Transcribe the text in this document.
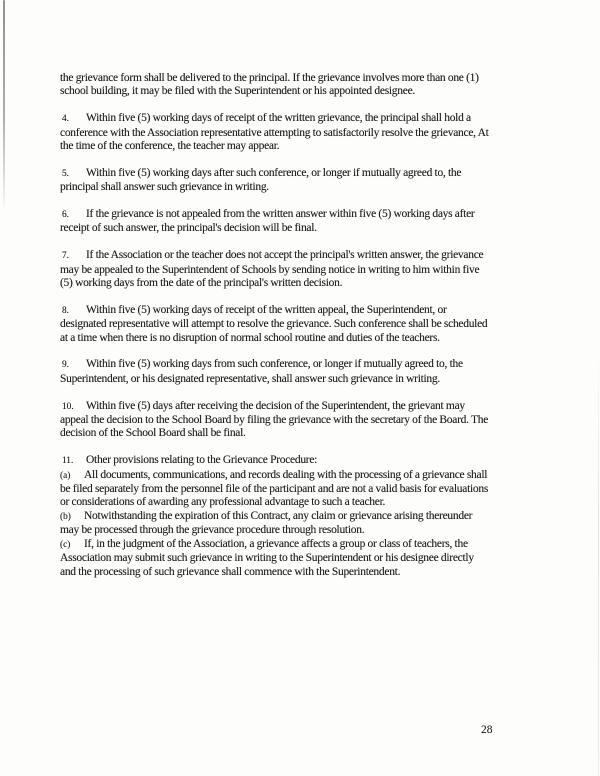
the grievance form shall be delivered to the principal. If the grievance involves more than one (1) school building, it may be filed with the Superintendent or his appointed designee.

4. Within five (5) working days of receipt of the written grievance, the principal shall hold a conference with the Association representative attempting to satisfactorily resolve the grievance, At the time of the conference, the teacher may appear.

5. Within five (5) working days after such conference, or longer if mutually agreed to, the principal shall answer such grievance in writing.

6. If the grievance is not appealed from the written answer within five (5) working days after receipt of such answer, the principal's decision will be final.

7. If the Association or the teacher does not accept the principal's written answer, the grievance may be appealed to the Superintendent of Schools by sending notice in writing to him within five (5) working days from the date of the principal's written decision.

8. Within five (5) working days of receipt of the written appeal, the Superintendent, or designated representative will attempt to resolve the grievance. Such conference shall be scheduled at a time when there is no disruption of normal school routine and duties of the teachers.

9. Within five (5) working days from such conference, or longer if mutually agreed to, the Superintendent, or his designated representative, shall answer such grievance in writing.

10. Within five (5) days after receiving the decision of the Superintendent, the grievant may appeal the decision to the School Board by filing the grievance with the secretary of the Board. The decision of the School Board shall be final.

11. Other provisions relating to the Grievance Procedure:

(a) All documents, communications, and records dealing with the processing of a grievance shall be filed separately from the personnel file of the participant and are not a valid basis for evaluations or considerations of awarding any professional advantage to such a teacher.

(b) Notwithstanding the expiration of this Contract, any claim or grievance arising thereunder may be processed through the grievance procedure through resolution.

(c) If, in the judgment of the Association, a grievance affects a group or class of teachers, the Association may submit such grievance in writing to the Superintendent or his designee directly and the processing of such grievance shall commence with the Superintendent.

28
